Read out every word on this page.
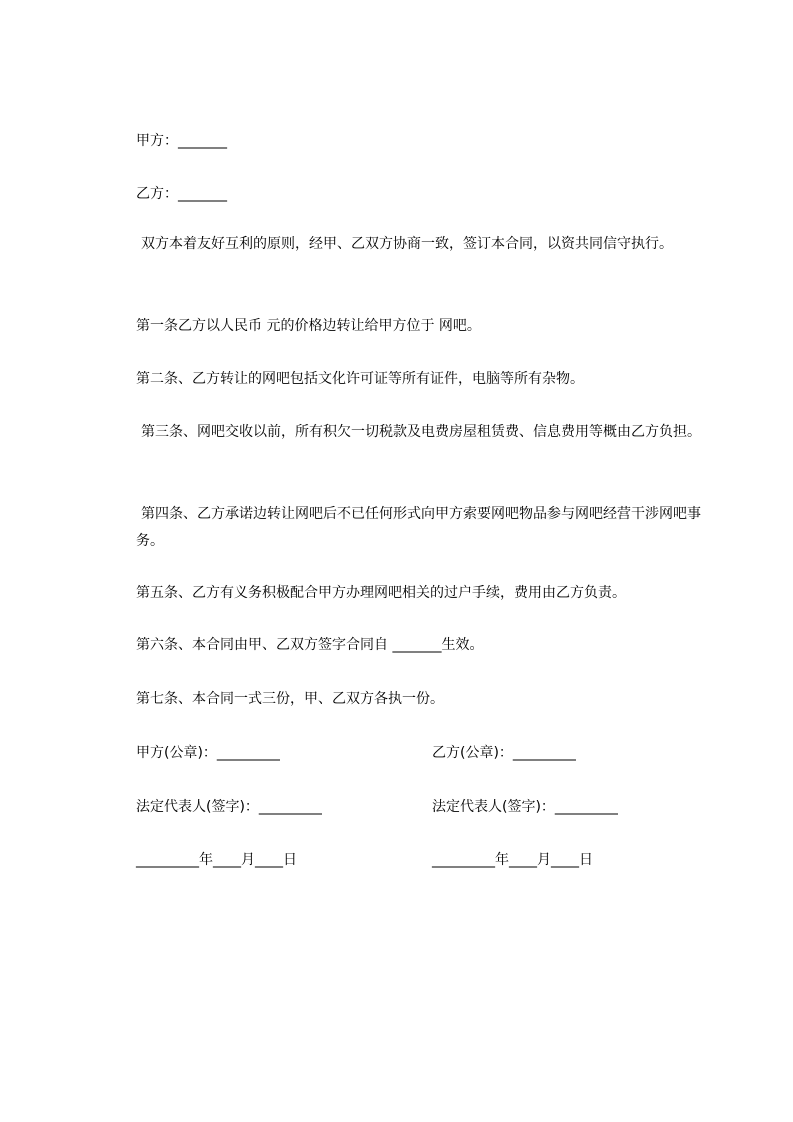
甲方：_______
乙方：_______
双方本着友好互利的原则，经甲、乙双方协商一致，签订本合同，以资共同信守执行。
第一条乙方以人民币 元的价格边转让给甲方位于 网吧。
第二条、乙方转让的网吧包括文化许可证等所有证件，电脑等所有杂物。
第三条、网吧交收以前，所有积欠一切税款及电费房屋租赁费、信息费用等概由乙方负担。
第四条、乙方承诺边转让网吧后不已任何形式向甲方索要网吧物品参与网吧经营干涉网吧事务。
第五条、乙方有义务积极配合甲方办理网吧相关的过户手续，费用由乙方负责。
第六条、本合同由甲、乙双方签字合同自 _______生效。
第七条、本合同一式三份，甲、乙双方各执一份。
甲方(公章)：_________	乙方(公章)：_________
法定代表人(签字)：_________	法定代表人(签字)：_________
_________年____月____日	_________年____月____日
